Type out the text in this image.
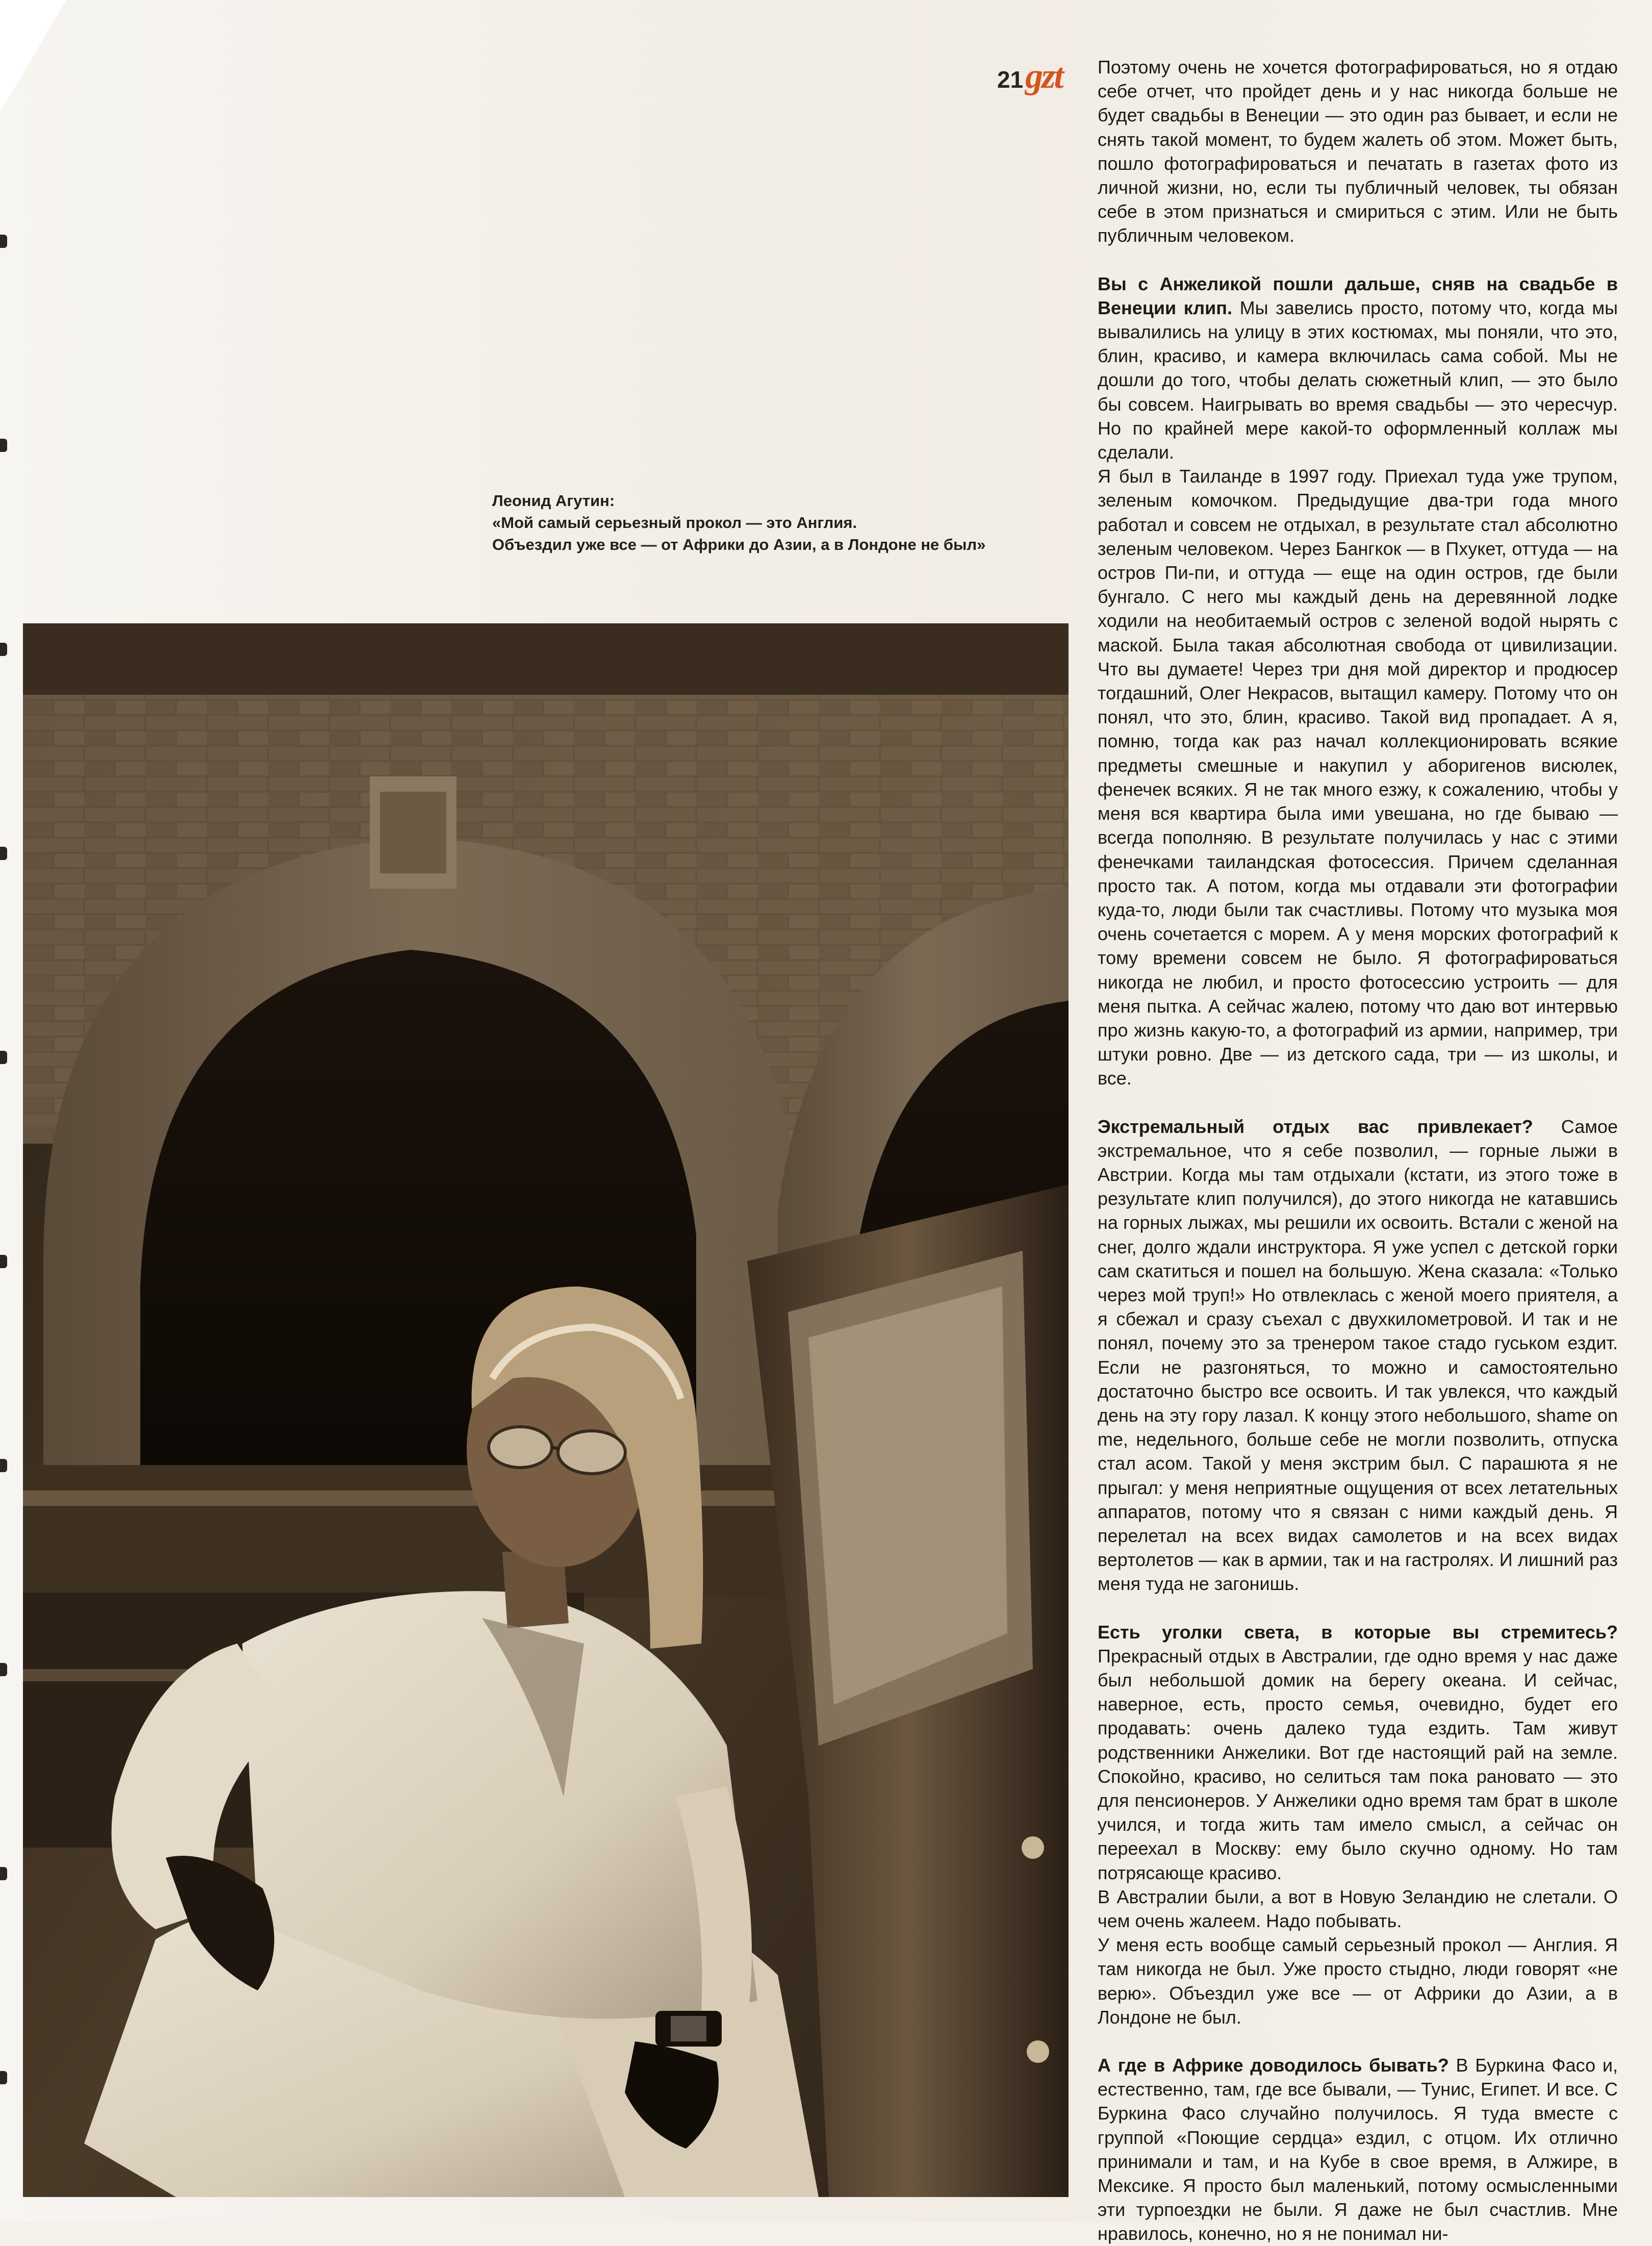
21 gzt
Леонид Агутин:
«Мой самый серьезный прокол — это Англия.
Объездил уже все — от Африки до Азии, а в Лондоне не был»

Поэтому очень не хочется фотографироваться, но я отдаю себе отчет, что пройдет день и у нас никогда больше не будет свадьбы в Венеции — это один раз бывает, и если не снять такой момент, то будем жалеть об этом. Может быть, пошло фотографироваться и печатать в газетах фото из личной жизни, но, если ты публичный человек, ты обязан себе в этом признаться и смириться с этим. Или не быть публичным человеком.

Вы с Анжеликой пошли дальше, сняв на свадьбе в Венеции клип. Мы завелись просто, потому что, когда мы вывалились на улицу в этих костюмах, мы поняли, что это, блин, красиво, и камера включилась сама собой. Мы не дошли до того, чтобы делать сюжетный клип, — это было бы совсем. Наигрывать во время свадьбы — это чересчур. Но по крайней мере какой-то оформленный коллаж мы сделали.

Я был в Таиланде в 1997 году. Приехал туда уже трупом, зеленым комочком. Предыдущие два-три года много работал и совсем не отдыхал, в результате стал абсолютно зеленым человеком. Через Бангкок — в Пхукет, оттуда — на остров Пи-пи, и оттуда — еще на один остров, где были бунгало. С него мы каждый день на деревянной лодке ходили на необитаемый остров с зеленой водой нырять с маской. Была такая абсолютная свобода от цивилизации. Что вы думаете! Через три дня мой директор и продюсер тогдашний, Олег Некрасов, вытащил камеру. Потому что он понял, что это, блин, красиво. Такой вид пропадает. А я, помню, тогда как раз начал коллекционировать всякие предметы смешные и накупил у аборигенов висюлек, фенечек всяких. Я не так много езжу, к сожалению, чтобы у меня вся квартира была ими увешана, но где бываю — всегда пополняю. В результате получилась у нас с этими фенечками таиландская фотосессия. Причем сделанная просто так. А потом, когда мы отдавали эти фотографии куда-то, люди были так счастливы. Потому что музыка моя очень сочетается с морем. А у меня морских фотографий к тому времени совсем не было. Я фотографироваться никогда не любил, и просто фотосессию устроить — для меня пытка. А сейчас жалею, потому что даю вот интервью про жизнь какую-то, а фотографий из армии, например, три штуки ровно. Две — из детского сада, три — из школы, и все.

Экстремальный отдых вас привлекает? Самое экстремальное, что я себе позволил, — горные лыжи в Австрии. Когда мы там отдыхали (кстати, из этого тоже в результате клип получился), до этого никогда не катавшись на горных лыжах, мы решили их освоить. Встали с женой на снег, долго ждали инструктора. Я уже успел с детской горки сам скатиться и пошел на большую. Жена сказала: «Только через мой труп!» Но отвлеклась с женой моего приятеля, а я сбежал и сразу съехал с двухкилометровой. И так и не понял, почему это за тренером такое стадо гуськом ездит. Если не разгоняться, то можно и самостоятельно достаточно быстро все освоить. И так увлекся, что каждый день на эту гору лазал. К концу этого небольшого, shame on me, недельного, больше себе не могли позволить, отпуска стал асом. Такой у меня экстрим был. С парашюта я не прыгал: у меня неприятные ощущения от всех летательных аппаратов, потому что я связан с ними каждый день. Я перелетал на всех видах самолетов и на всех видах вертолетов — как в армии, так и на гастролях. И лишний раз меня туда не загонишь.

Есть уголки света, в которые вы стремитесь? Прекрасный отдых в Австралии, где одно время у нас даже был небольшой домик на берегу океана. И сейчас, наверное, есть, просто семья, очевидно, будет его продавать: очень далеко туда ездить. Там живут родственники Анжелики. Вот где настоящий рай на земле. Спокойно, красиво, но селиться там пока рановато — это для пенсионеров. У Анжелики одно время там брат в школе учился, и тогда жить там имело смысл, а сейчас он переехал в Москву: ему было скучно одному. Но там потрясающе красиво.

В Австралии были, а вот в Новую Зеландию не слетали. О чем очень жалеем. Надо побывать.

У меня есть вообще самый серьезный прокол — Англия. Я там никогда не был. Уже просто стыдно, люди говорят «не верю». Объездил уже все — от Африки до Азии, а в Лондоне не был.

А где в Африке доводилось бывать? В Буркина Фасо и, естественно, там, где все бывали, — Тунис, Египет. И все. С Буркина Фасо случайно получилось. Я туда вместе с группой «Поющие сердца» ездил, с отцом. Их отлично принимали и там, и на Кубе в свое время, в Алжире, в Мексике. Я просто был маленький, потому осмысленными эти турпоездки не были. Я даже не был счастлив. Мне нравилось, конечно, но я не понимал ни-
